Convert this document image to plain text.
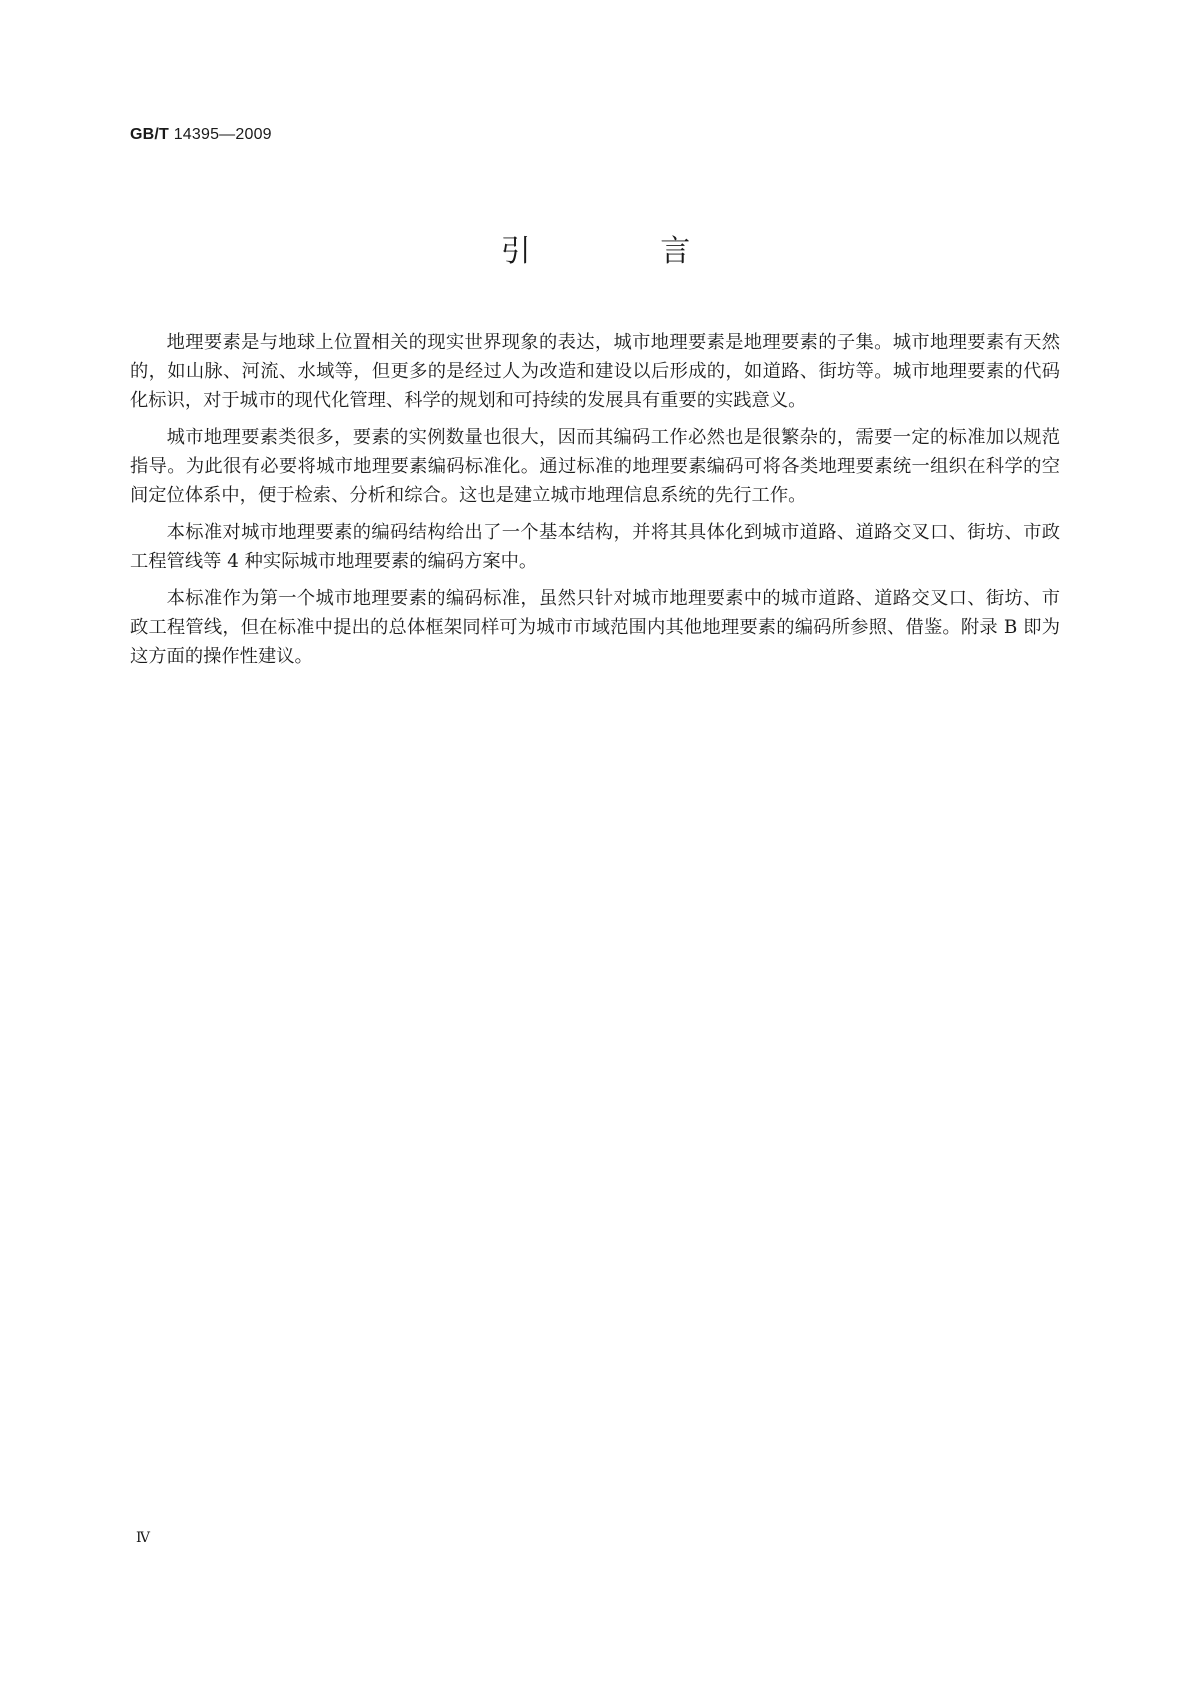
GB/T 14395—2009
引 言

地理要素是与地球上位置相关的现实世界现象的表达，城市地理要素是地理要素的子集。城市地理要素有天然的，如山脉、河流、水域等，但更多的是经过人为改造和建设以后形成的，如道路、街坊等。城市地理要素的代码化标识，对于城市的现代化管理、科学的规划和可持续的发展具有重要的实践意义。

城市地理要素类很多，要素的实例数量也很大，因而其编码工作必然也是很繁杂的，需要一定的标准加以规范指导。为此很有必要将城市地理要素编码标准化。通过标准的地理要素编码可将各类地理要素统一组织在科学的空间定位体系中，便于检索、分析和综合。这也是建立城市地理信息系统的先行工作。

本标准对城市地理要素的编码结构给出了一个基本结构，并将其具体化到城市道路、道路交叉口、街坊、市政工程管线等 4 种实际城市地理要素的编码方案中。

本标准作为第一个城市地理要素的编码标准，虽然只针对城市地理要素中的城市道路、道路交叉口、街坊、市政工程管线，但在标准中提出的总体框架同样可为城市市域范围内其他地理要素的编码所参照、借鉴。附录 B 即为这方面的操作性建议。

Ⅳ
